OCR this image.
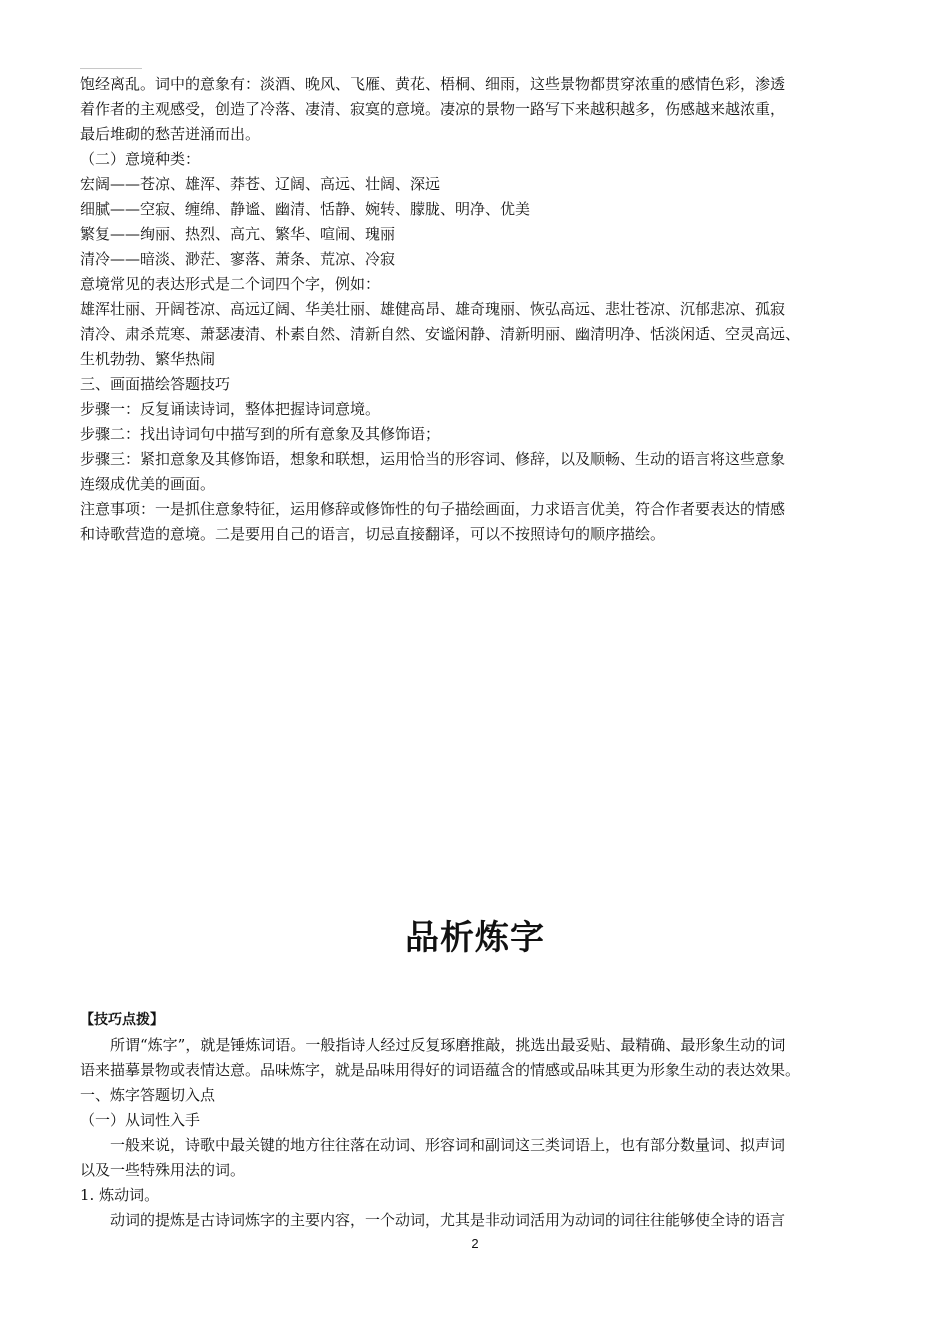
饱经离乱。词中的意象有：淡酒、晚风、飞雁、黄花、梧桐、细雨，这些景物都贯穿浓重的感情色彩，渗透
着作者的主观感受，创造了冷落、凄清、寂寞的意境。凄凉的景物一路写下来越积越多，伤感越来越浓重，
最后堆砌的愁苦迸涌而出。
（二）意境种类：
宏阔——苍凉、雄浑、莽苍、辽阔、高远、壮阔、深远
细腻——空寂、缠绵、静谧、幽清、恬静、婉转、朦胧、明净、优美
繁复——绚丽、热烈、高亢、繁华、喧闹、瑰丽
清冷——暗淡、渺茫、寥落、萧条、荒凉、冷寂
意境常见的表达形式是二个词四个字，例如：
雄浑壮丽、开阔苍凉、高远辽阔、华美壮丽、雄健高昂、雄奇瑰丽、恢弘高远、悲壮苍凉、沉郁悲凉、孤寂
清冷、肃杀荒寒、萧瑟凄清、朴素自然、清新自然、安谧闲静、清新明丽、幽清明净、恬淡闲适、空灵高远、
生机勃勃、繁华热闹
三、画面描绘答题技巧
步骤一：反复诵读诗词，整体把握诗词意境。
步骤二：找出诗词句中描写到的所有意象及其修饰语；
步骤三：紧扣意象及其修饰语，想象和联想，运用恰当的形容词、修辞，以及顺畅、生动的语言将这些意象
连缀成优美的画面。
注意事项：一是抓住意象特征，运用修辞或修饰性的句子描绘画面，力求语言优美，符合作者要表达的情感
和诗歌营造的意境。二是要用自己的语言，切忌直接翻译，可以不按照诗句的顺序描绘。
品析炼字
【技巧点拨】
所谓“炼字”，就是锤炼词语。一般指诗人经过反复琢磨推敲，挑选出最妥贴、最精确、最形象生动的词
语来描摹景物或表情达意。品味炼字，就是品味用得好的词语蕴含的情感或品味其更为形象生动的表达效果。
一、炼字答题切入点
（一）从词性入手
一般来说，诗歌中最关键的地方往往落在动词、形容词和副词这三类词语上，也有部分数量词、拟声词
以及一些特殊用法的词。
1. 炼动词。
动词的提炼是古诗词炼字的主要内容，一个动词，尤其是非动词活用为动词的词往往能够使全诗的语言
2
